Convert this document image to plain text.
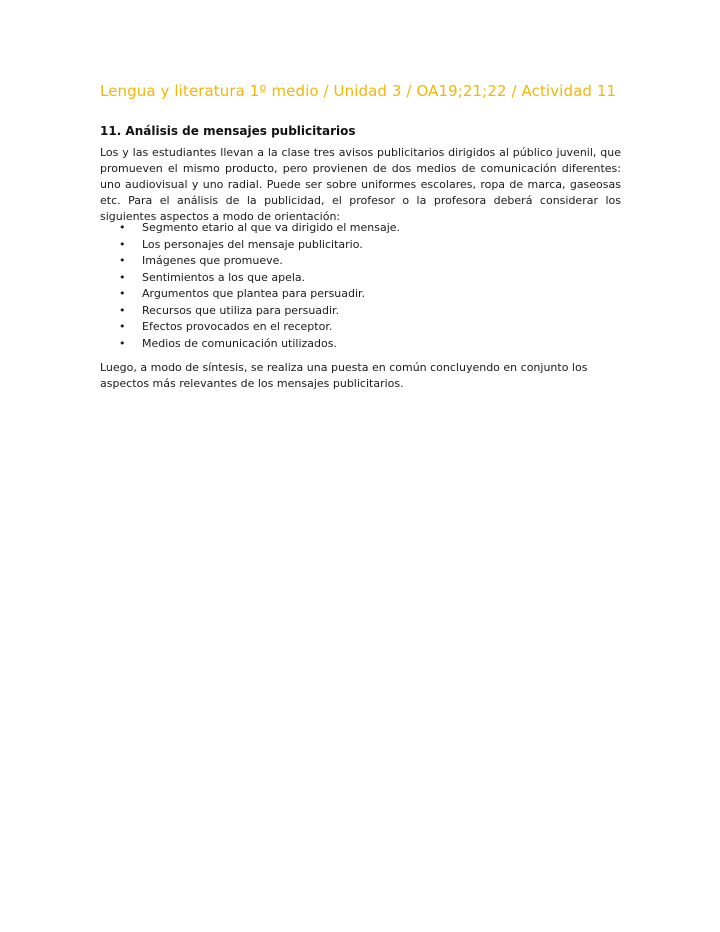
Lengua y literatura 1º medio / Unidad 3 / OA19;21;22 / Actividad 11
11. Análisis de mensajes publicitarios
Los y las estudiantes llevan a la clase tres avisos publicitarios dirigidos al público juvenil, que promueven el mismo producto, pero provienen de dos medios de comunicación diferentes: uno audiovisual y uno radial. Puede ser sobre uniformes escolares, ropa de marca, gaseosas etc. Para el análisis de la publicidad, el profesor o la profesora deberá considerar los siguientes aspectos a modo de orientación:
• Segmento etario al que va dirigido el mensaje.
• Los personajes del mensaje publicitario.
• Imágenes que promueve.
• Sentimientos a los que apela.
• Argumentos que plantea para persuadir.
• Recursos que utiliza para persuadir.
• Efectos provocados en el receptor.
• Medios de comunicación utilizados.
Luego, a modo de síntesis, se realiza una puesta en común concluyendo en conjunto los aspectos más relevantes de los mensajes publicitarios.
